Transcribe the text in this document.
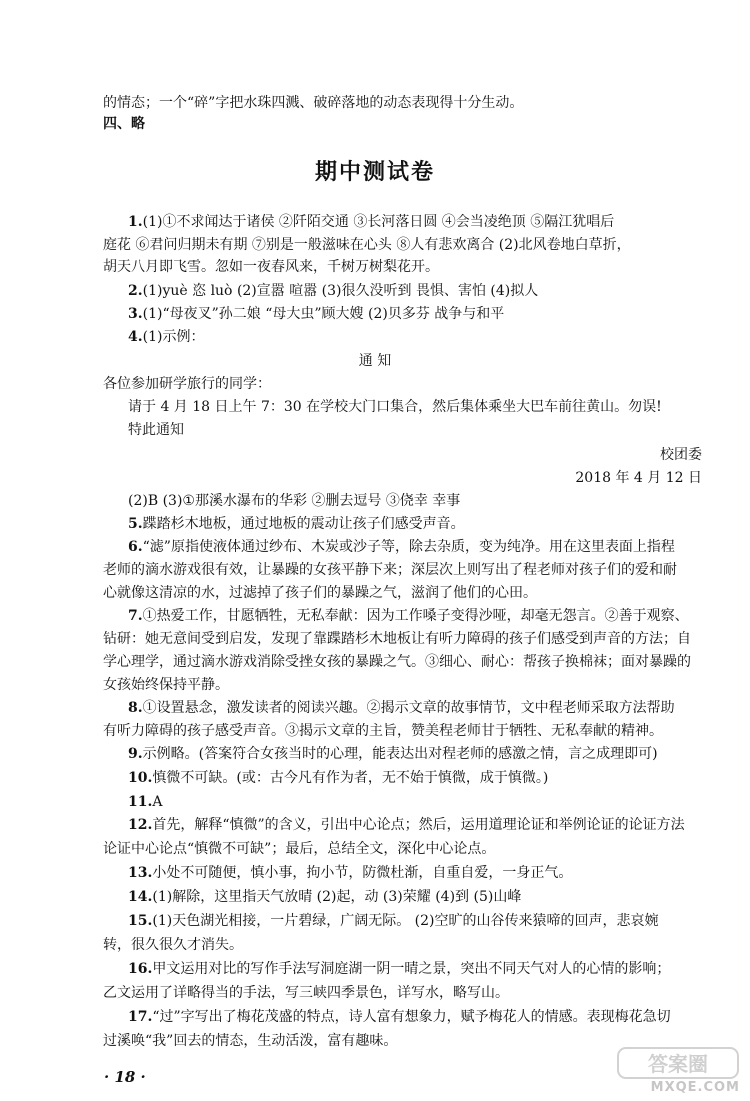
的情态；一个“碎”字把水珠四溅、破碎落地的动态表现得十分生动。
四、略
期中测试卷
1.(1)①不求闻达于诸侯 ②阡陌交通 ③长河落日圆 ④会当凌绝顶 ⑤隔江犹唱后
庭花 ⑥君问归期未有期 ⑦别是一般滋味在心头 ⑧人有悲欢离合 (2)北风卷地白草折，
胡天八月即飞雪。忽如一夜春风来，千树万树梨花开。
2.(1)yuè 恣 luò (2)宣嚣 喧嚣 (3)很久没听到 畏惧、害怕 (4)拟人
3.(1)“母夜叉”孙二娘 “母大虫”顾大嫂 (2)贝多芬 战争与和平
4.(1)示例：
通 知
各位参加研学旅行的同学：
请于 4 月 18 日上午 7：30 在学校大门口集合，然后集体乘坐大巴车前往黄山。勿误!
特此通知
校团委
2018 年 4 月 12 日
(2)B (3)①那溪水瀑布的华彩 ②删去逗号 ③侥幸 幸事
5.蹀踏杉木地板，通过地板的震动让孩子们感受声音。
6.“滤”原指使液体通过纱布、木炭或沙子等，除去杂质，变为纯净。用在这里表面上指程
老师的滴水游戏很有效，让暴躁的女孩平静下来；深层次上则写出了程老师对孩子们的爱和耐
心就像这清凉的水，过滤掉了孩子们的暴躁之气，滋润了他们的心田。
7.①热爱工作，甘愿牺牲，无私奉献：因为工作嗓子变得沙哑，却毫无怨言。②善于观察、
钻研：她无意间受到启发，发现了靠蹀踏杉木地板让有听力障碍的孩子们感受到声音的方法；自
学心理学，通过滴水游戏消除受挫女孩的暴躁之气。③细心、耐心：帮孩子换棉袜；面对暴躁的
女孩始终保持平静。
8.①设置悬念，激发读者的阅读兴趣。②揭示文章的故事情节，文中程老师采取方法帮助
有听力障碍的孩子感受声音。③揭示文章的主旨，赞美程老师甘于牺牲、无私奉献的精神。
9.示例略。(答案符合女孩当时的心理，能表达出对程老师的感激之情，言之成理即可)
10.慎微不可缺。(或：古今凡有作为者，无不始于慎微，成于慎微。)
11.A
12.首先，解释“慎微”的含义，引出中心论点；然后，运用道理论证和举例论证的论证方法
论证中心论点“慎微不可缺”；最后，总结全文，深化中心论点。
13.小处不可随便，慎小事，拘小节，防微杜渐，自重自爱，一身正气。
14.(1)解除，这里指天气放晴 (2)起，动 (3)荣耀 (4)到 (5)山峰
15.(1)天色湖光相接，一片碧绿，广阔无际。 (2)空旷的山谷传来猿啼的回声，悲哀婉
转，很久很久才消失。
16.甲文运用对比的写作手法写洞庭湖一阴一晴之景，突出不同天气对人的心情的影响；
乙文运用了详略得当的手法，写三峡四季景色，详写水，略写山。
17.“过”字写出了梅花茂盛的特点，诗人富有想象力，赋予梅花人的情感。表现梅花急切
过溪唤“我”回去的情态，生动活泼，富有趣味。
· 18 ·
答案圈
MXQE.COM
